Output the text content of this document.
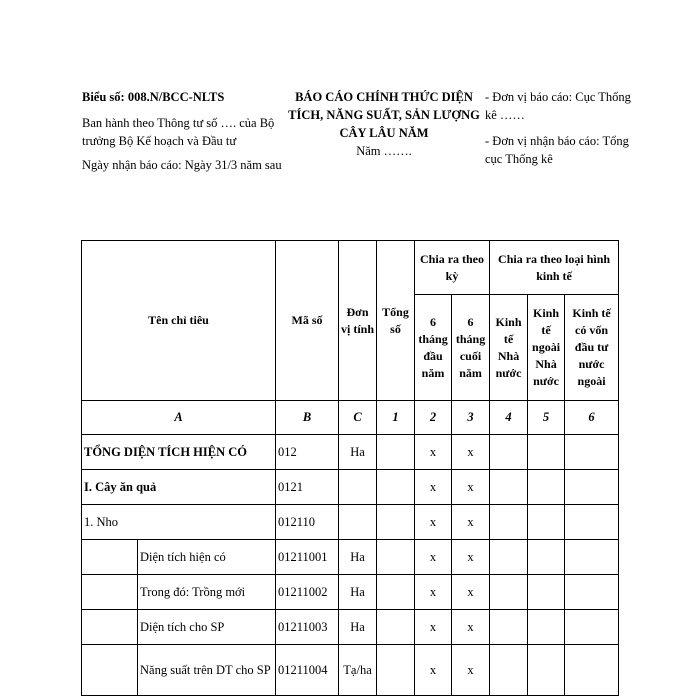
Biểu số: 008.N/BCC-NLTS

Ban hành theo Thông tư số …. của Bộ trưởng Bộ Kế hoạch và Đầu tư

Ngày nhận báo cáo: Ngày 31/3 năm sau

BÁO CÁO CHÍNH THỨC DIỆN TÍCH, NĂNG SUẤT, SẢN LƯỢNG CÂY LÂU NĂM
Năm …….

- Đơn vị báo cáo: Cục Thống kê ……

- Đơn vị nhận báo cáo: Tổng cục Thống kê

Tên chỉ tiêu		Mã số	Đơn vị tính	Tổng số	Chia ra theo kỳ		Chia ra theo loại hình kinh tế		
					6 tháng đầu năm	6 tháng cuối năm	Kinh tế Nhà nước	Kinh tế ngoài Nhà nước	Kinh tế có vốn đầu tư nước ngoài
A		B	C	1	2	3	4	5	6
TỔNG DIỆN TÍCH HIỆN CÓ		012	Ha		x	x			
I. Cây ăn quả		0121			x	x			
1. Nho		012110			x	x			
	Diện tích hiện có	01211001	Ha		x	x			
	Trong đó: Trồng mới	01211002	Ha		x	x			
	Diện tích cho SP	01211003	Ha		x	x			
	Năng suất trên DT cho SP	01211004	Tạ/ha		x	x			
